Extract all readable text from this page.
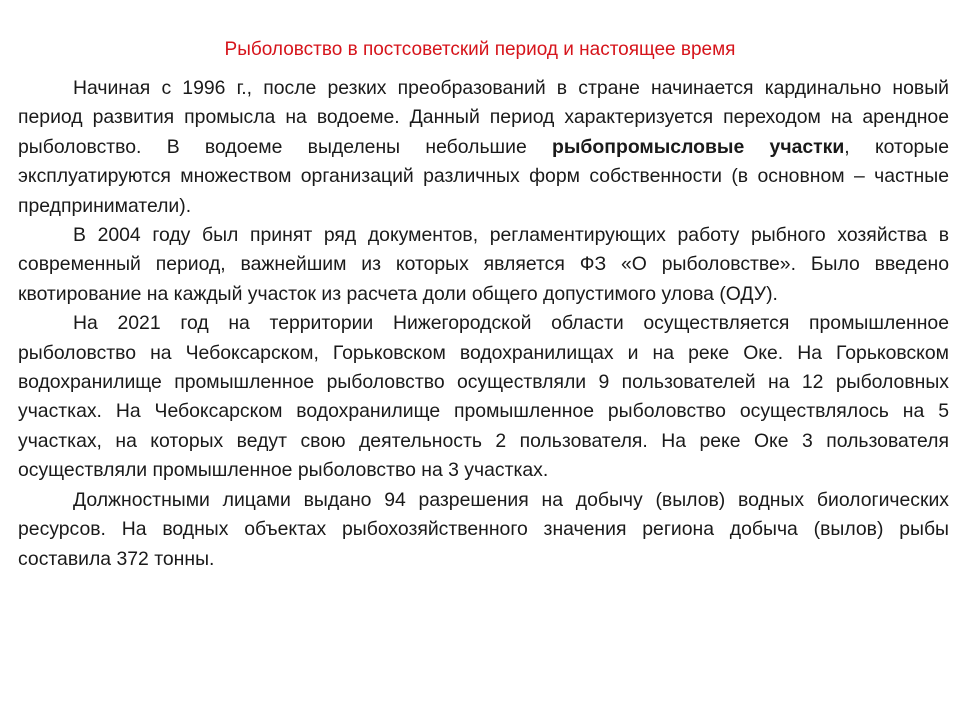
Рыболовство в постсоветский период и настоящее время

Начиная с 1996 г., после резких преобразований в стране начинается кардинально новый период развития промысла на водоеме. Данный период характеризуется переходом на арендное рыболовство. В водоеме выделены небольшие рыбопромысловые участки, которые эксплуатируются множеством организаций различных форм собственности (в основном – частные предприниматели).

В 2004 году был принят ряд документов, регламентирующих работу рыбного хозяйства в современный период, важнейшим из которых является ФЗ «О рыболовстве». Было введено квотирование на каждый участок из расчета доли общего допустимого улова (ОДУ).

На 2021 год на территории Нижегородской области осуществляется промышленное рыболовство на Чебоксарском, Горьковском водохранилищах и на реке Оке. На Горьковском водохранилище промышленное рыболовство осуществляли 9 пользователей на 12 рыболовных участках. На Чебоксарском водохранилище промышленное рыболовство осуществлялось на 5 участках, на которых ведут свою деятельность 2 пользователя. На реке Оке 3 пользователя осуществляли промышленное рыболовство на 3 участках.

Должностными лицами выдано 94 разрешения на добычу (вылов) водных биологических ресурсов. На водных объектах рыбохозяйственного значения региона добыча (вылов) рыбы составила 372 тонны.
